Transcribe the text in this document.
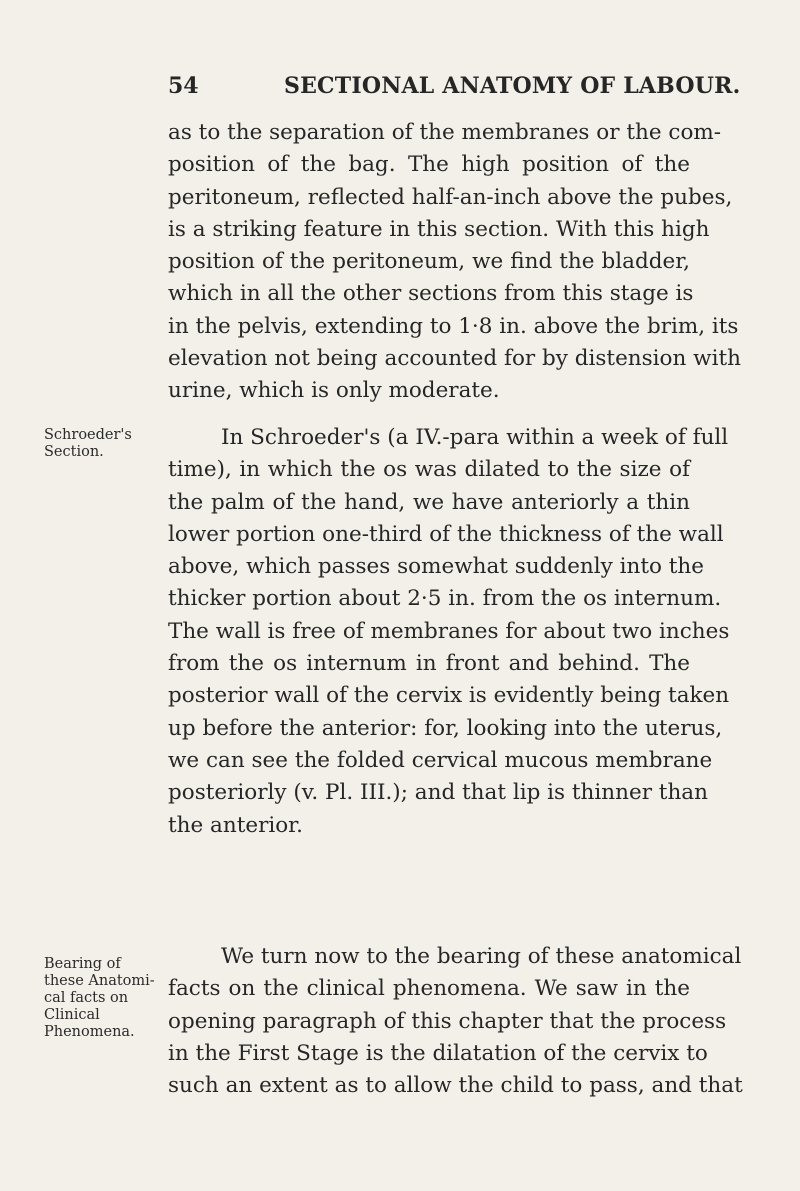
54	SECTIONAL ANATOMY OF LABOUR.
as to the separation of the membranes or the com-
position of the bag. The high position of the
peritoneum, reflected half-an-inch above the pubes,
is a striking feature in this section. With this high
position of the peritoneum, we find the bladder,
which in all the other sections from this stage is
in the pelvis, extending to 1·8 in. above the brim, its
elevation not being accounted for by distension with
urine, which is only moderate.
Schroeder's
Section.
In Schroeder's (a IV.-para within a week of full
time), in which the os was dilated to the size of
the palm of the hand, we have anteriorly a thin
lower portion one-third of the thickness of the wall
above, which passes somewhat suddenly into the
thicker portion about 2·5 in. from the os internum.
The wall is free of membranes for about two inches
from the os internum in front and behind. The
posterior wall of the cervix is evidently being taken
up before the anterior: for, looking into the uterus,
we can see the folded cervical mucous membrane
posteriorly (v. Pl. III.); and that lip is thinner than
the anterior.
Bearing of
these Anatomi-
cal facts on
Clinical
Phenomena.
We turn now to the bearing of these anatomical
facts on the clinical phenomena. We saw in the
opening paragraph of this chapter that the process
in the First Stage is the dilatation of the cervix to
such an extent as to allow the child to pass, and that
